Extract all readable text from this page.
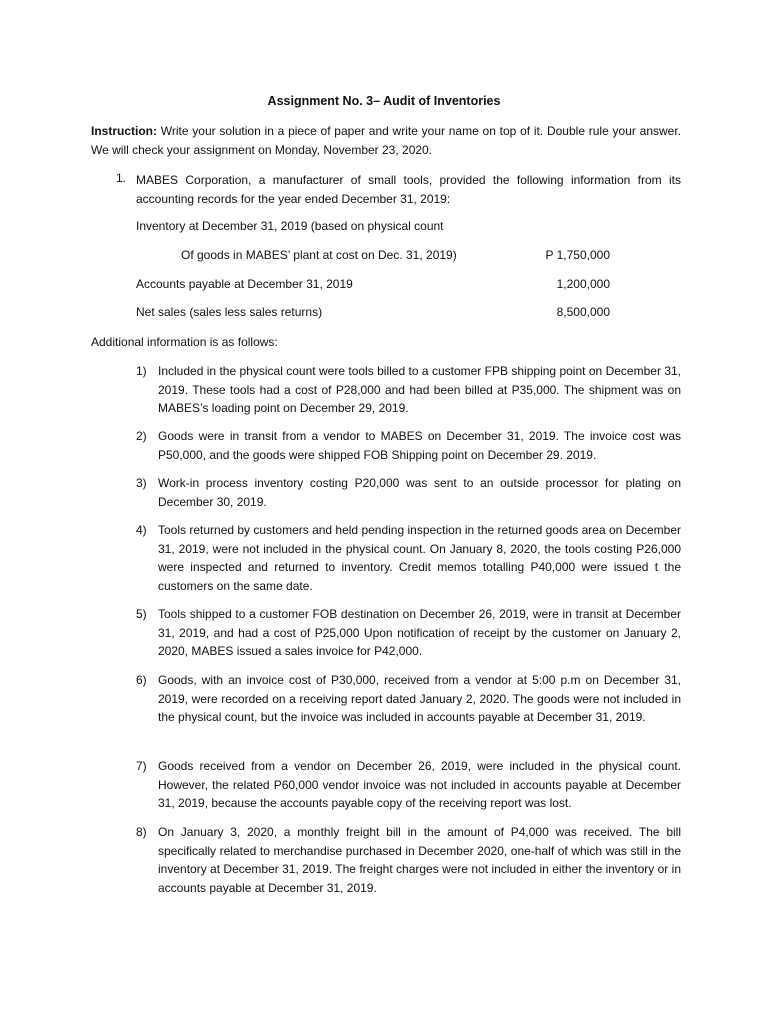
Assignment No. 3– Audit of Inventories
Instruction: Write your solution in a piece of paper and write your name on top of it. Double rule your answer. We will check your assignment on Monday, November 23, 2020.
1. MABES Corporation, a manufacturer of small tools, provided the following information from its accounting records for the year ended December 31, 2019:
Inventory at December 31, 2019 (based on physical count
Of goods in MABES’ plant at cost on Dec. 31, 2019)	P 1,750,000
Accounts payable at December 31, 2019	1,200,000
Net sales (sales less sales returns)	8,500,000
Additional information is as follows:
1) Included in the physical count were tools billed to a customer FPB shipping point on December 31, 2019. These tools had a cost of P28,000 and had been billed at P35,000. The shipment was on MABES’s loading point on December 29, 2019.
2) Goods were in transit from a vendor to MABES on December 31, 2019. The invoice cost was P50,000, and the goods were shipped FOB Shipping point on December 29. 2019.
3) Work-in process inventory costing P20,000 was sent to an outside processor for plating on December 30, 2019.
4) Tools returned by customers and held pending inspection in the returned goods area on December 31, 2019, were not included in the physical count. On January 8, 2020, the tools costing P26,000 were inspected and returned to inventory. Credit memos totalling P40,000 were issued t the customers on the same date.
5) Tools shipped to a customer FOB destination on December 26, 2019, were in transit at December 31, 2019, and had a cost of P25,000 Upon notification of receipt by the customer on January 2, 2020, MABES issued a sales invoice for P42,000.
6) Goods, with an invoice cost of P30,000, received from a vendor at 5:00 p.m on December 31, 2019, were recorded on a receiving report dated January 2, 2020. The goods were not included in the physical count, but the invoice was included in accounts payable at December 31, 2019.
7) Goods received from a vendor on December 26, 2019, were included in the physical count. However, the related P60,000 vendor invoice was not included in accounts payable at December 31, 2019, because the accounts payable copy of the receiving report was lost.
8) On January 3, 2020, a monthly freight bill in the amount of P4,000 was received. The bill specifically related to merchandise purchased in December 2020, one-half of which was still in the inventory at December 31, 2019. The freight charges were not included in either the inventory or in accounts payable at December 31, 2019.
